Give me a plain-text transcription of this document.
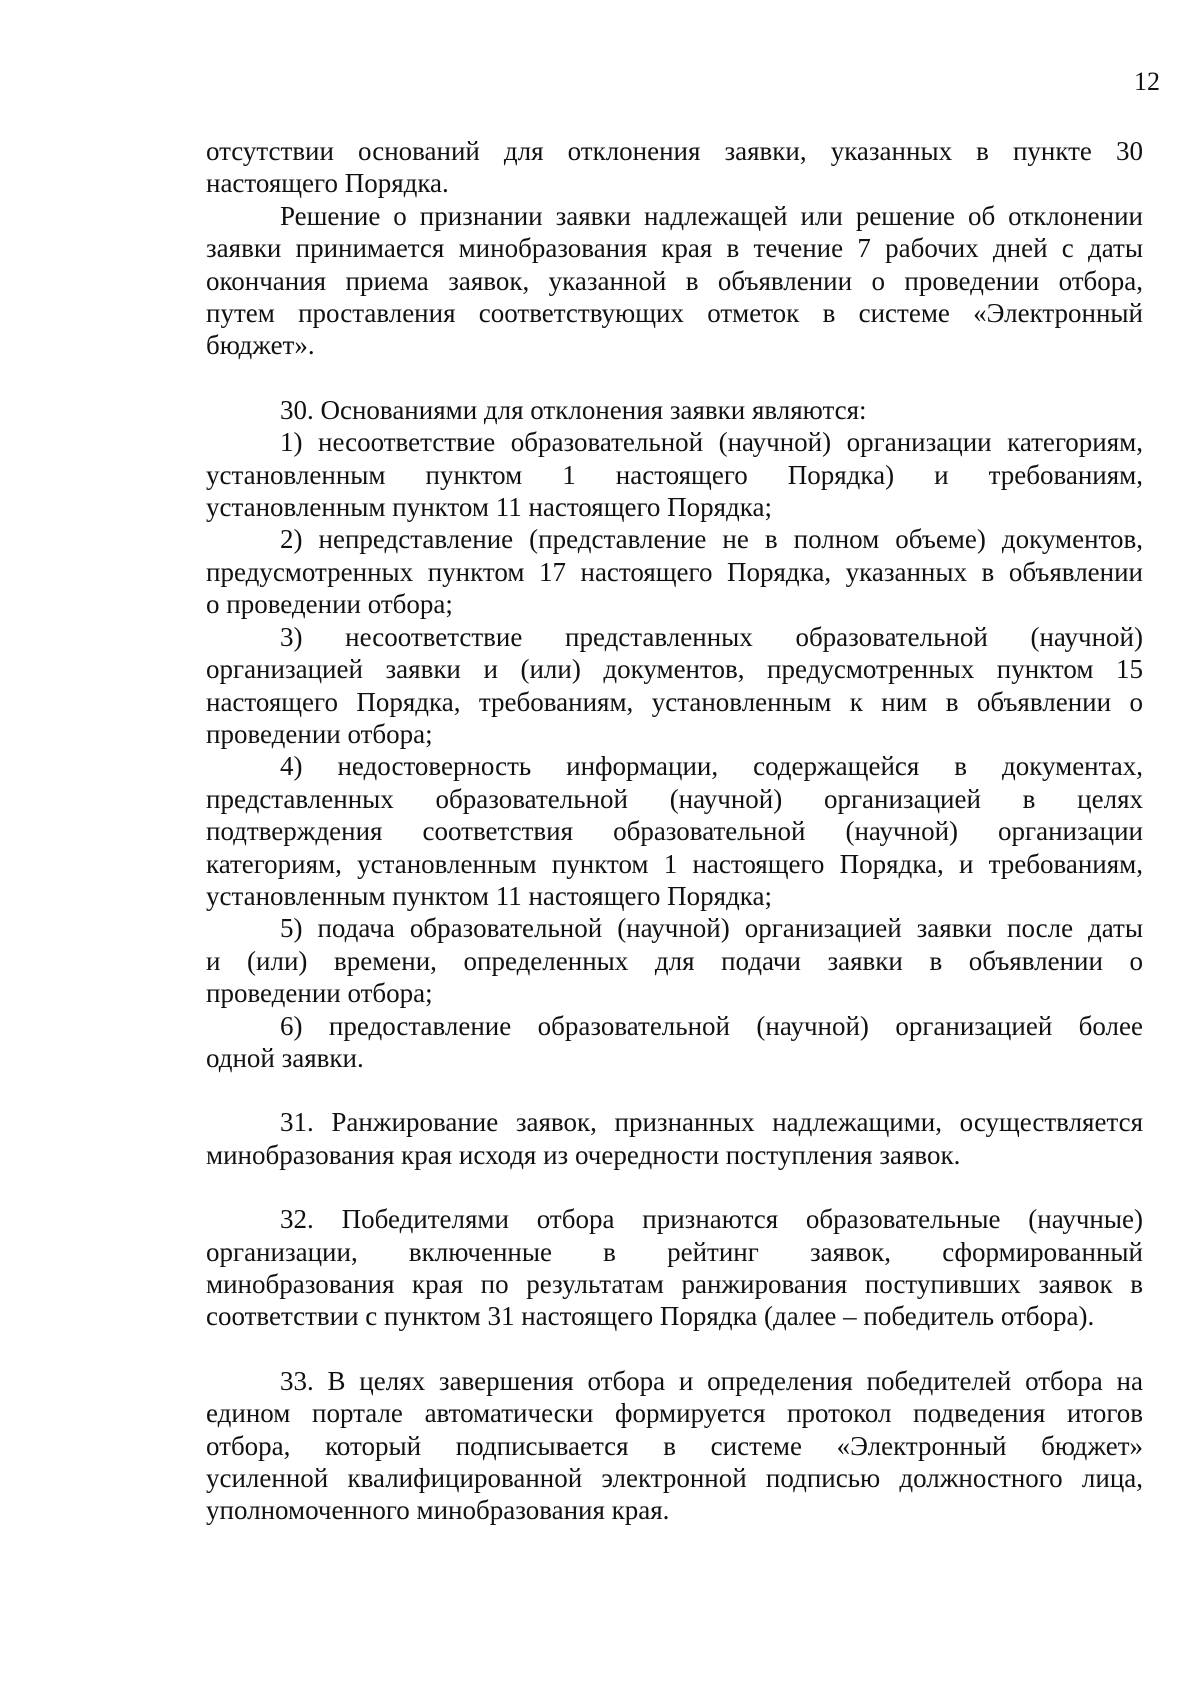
12
отсутствии оснований для отклонения заявки, указанных в пункте 30
настоящего Порядка.
Решение о признании заявки надлежащей или решение об отклонении
заявки принимается минобразования края в течение 7 рабочих дней с даты
окончания приема заявок, указанной в объявлении о проведении отбора,
путем проставления соответствующих отметок в системе «Электронный
бюджет».
30. Основаниями для отклонения заявки являются:
1) несоответствие образовательной (научной) организации категориям,
установленным пунктом 1 настоящего Порядка) и требованиям,
установленным пунктом 11 настоящего Порядка;
2) непредставление (представление не в полном объеме) документов,
предусмотренных пунктом 17 настоящего Порядка, указанных в объявлении
о проведении отбора;
3) несоответствие представленных образовательной (научной)
организацией заявки и (или) документов, предусмотренных пунктом 15
настоящего Порядка, требованиям, установленным к ним в объявлении о
проведении отбора;
4) недостоверность информации, содержащейся в документах,
представленных образовательной (научной) организацией в целях
подтверждения соответствия образовательной (научной) организации
категориям, установленным пунктом 1 настоящего Порядка, и требованиям,
установленным пунктом 11 настоящего Порядка;
5) подача образовательной (научной) организацией заявки после даты
и (или) времени, определенных для подачи заявки в объявлении о
проведении отбора;
6) предоставление образовательной (научной) организацией более
одной заявки.
31. Ранжирование заявок, признанных надлежащими, осуществляется
минобразования края исходя из очередности поступления заявок.
32. Победителями отбора признаются образовательные (научные)
организации, включенные в рейтинг заявок, сформированный
минобразования края по результатам ранжирования поступивших заявок в
соответствии с пунктом 31 настоящего Порядка (далее – победитель отбора).
33. В целях завершения отбора и определения победителей отбора на
едином портале автоматически формируется протокол подведения итогов
отбора, который подписывается в системе «Электронный бюджет»
усиленной квалифицированной электронной подписью должностного лица,
уполномоченного минобразования края.
